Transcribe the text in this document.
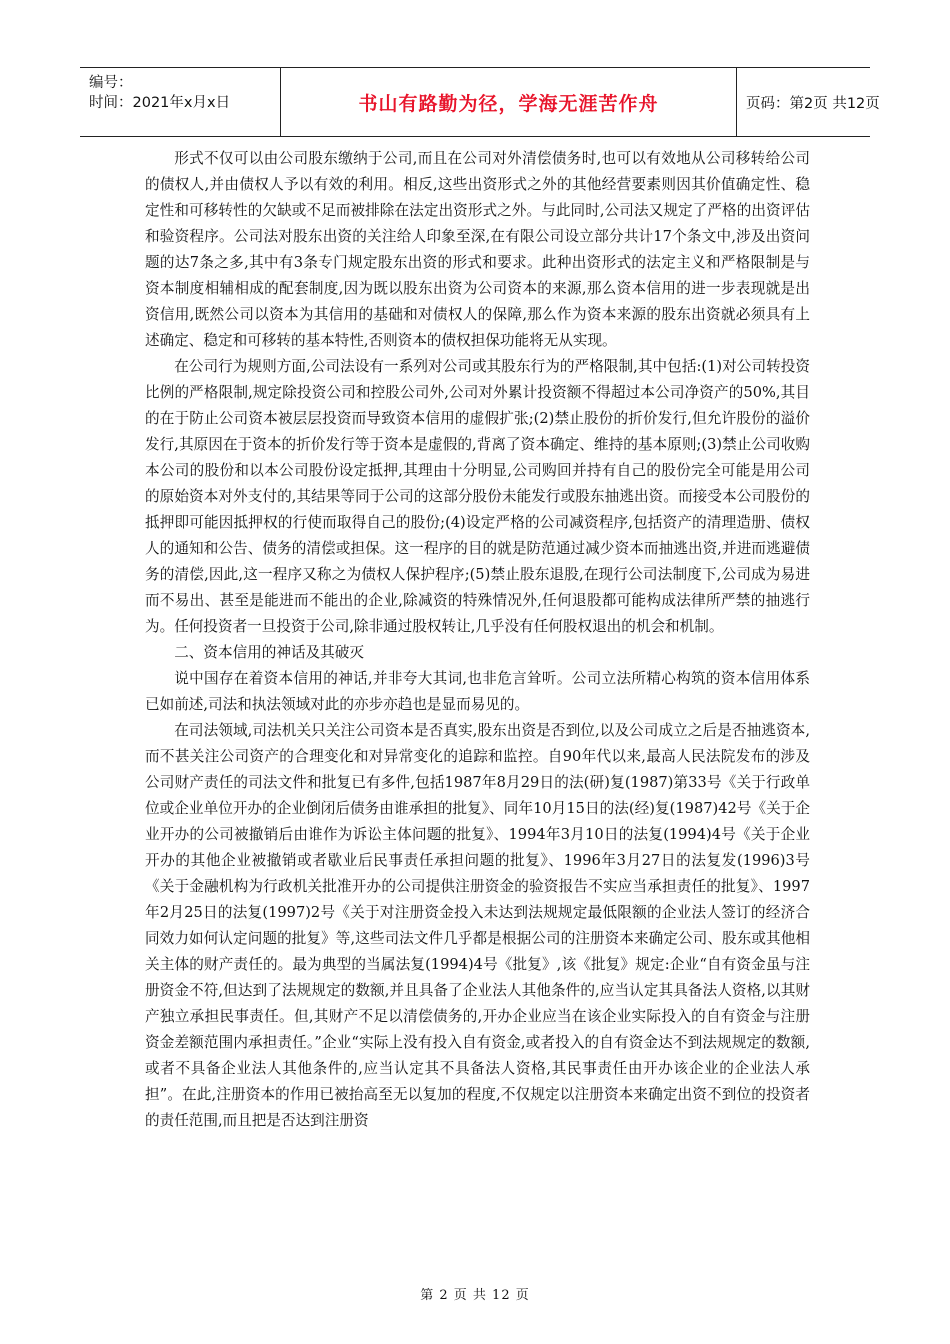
编号：
时间：2021年x月x日	书山有路勤为径，学海无涯苦作舟	页码：第2页 共12页

形式不仅可以由公司股东缴纳于公司,而且在公司对外清偿债务时,也可以有效地从公司移转给公司的债权人,并由债权人予以有效的利用。相反,这些出资形式之外的其他经营要素则因其价值确定性、稳定性和可移转性的欠缺或不足而被排除在法定出资形式之外。与此同时,公司法又规定了严格的出资评估和验资程序。公司法对股东出资的关注给人印象至深,在有限公司设立部分共计17个条文中,涉及出资问题的达7条之多,其中有3条专门规定股东出资的形式和要求。此种出资形式的法定主义和严格限制是与资本制度相辅相成的配套制度,因为既以股东出资为公司资本的来源,那么资本信用的进一步表现就是出资信用,既然公司以资本为其信用的基础和对债权人的保障,那么作为资本来源的股东出资就必须具有上述确定、稳定和可移转的基本特性,否则资本的债权担保功能将无从实现。

在公司行为规则方面,公司法设有一系列对公司或其股东行为的严格限制,其中包括:(1)对公司转投资比例的严格限制,规定除投资公司和控股公司外,公司对外累计投资额不得超过本公司净资产的50%,其目的在于防止公司资本被层层投资而导致资本信用的虚假扩张;(2)禁止股份的折价发行,但允许股份的溢价发行,其原因在于资本的折价发行等于资本是虚假的,背离了资本确定、维持的基本原则;(3)禁止公司收购本公司的股份和以本公司股份设定抵押,其理由十分明显,公司购回并持有自己的股份完全可能是用公司的原始资本对外支付的,其结果等同于公司的这部分股份未能发行或股东抽逃出资。而接受本公司股份的抵押即可能因抵押权的行使而取得自己的股份;(4)设定严格的公司减资程序,包括资产的清理造册、债权人的通知和公告、债务的清偿或担保。这一程序的目的就是防范通过减少资本而抽逃出资,并进而逃避债务的清偿,因此,这一程序又称之为债权人保护程序;(5)禁止股东退股,在现行公司法制度下,公司成为易进而不易出、甚至是能进而不能出的企业,除减资的特殊情况外,任何退股都可能构成法律所严禁的抽逃行为。任何投资者一旦投资于公司,除非通过股权转让,几乎没有任何股权退出的机会和机制。

二、资本信用的神话及其破灭

说中国存在着资本信用的神话,并非夸大其词,也非危言耸听。公司立法所精心构筑的资本信用体系已如前述,司法和执法领域对此的亦步亦趋也是显而易见的。

在司法领域,司法机关只关注公司资本是否真实,股东出资是否到位,以及公司成立之后是否抽逃资本,而不甚关注公司资产的合理变化和对异常变化的追踪和监控。自90年代以来,最高人民法院发布的涉及公司财产责任的司法文件和批复已有多件,包括1987年8月29日的法(研)复(1987)第33号《关于行政单位或企业单位开办的企业倒闭后债务由谁承担的批复》、同年10月15日的法(经)复(1987)42号《关于企业开办的公司被撤销后由谁作为诉讼主体问题的批复》、1994年3月10日的法复(1994)4号《关于企业开办的其他企业被撤销或者歇业后民事责任承担问题的批复》、1996年3月27日的法复发(1996)3号《关于金融机构为行政机关批准开办的公司提供注册资金的验资报告不实应当承担责任的批复》、1997年2月25日的法复(1997)2号《关于对注册资金投入未达到法规规定最低限额的企业法人签订的经济合同效力如何认定问题的批复》等,这些司法文件几乎都是根据公司的注册资本来确定公司、股东或其他相关主体的财产责任的。最为典型的当属法复(1994)4号《批复》,该《批复》规定:企业“自有资金虽与注册资金不符,但达到了法规规定的数额,并且具备了企业法人其他条件的,应当认定其具备法人资格,以其财产独立承担民事责任。但,其财产不足以清偿债务的,开办企业应当在该企业实际投入的自有资金与注册资金差额范围内承担责任。”企业“实际上没有投入自有资金,或者投入的自有资金达不到法规规定的数额,或者不具备企业法人其他条件的,应当认定其不具备法人资格,其民事责任由开办该企业的企业法人承担”。在此,注册资本的作用已被抬高至无以复加的程度,不仅规定以注册资本来确定出资不到位的投资者的责任范围,而且把是否达到注册资

第 2 页 共 12 页
